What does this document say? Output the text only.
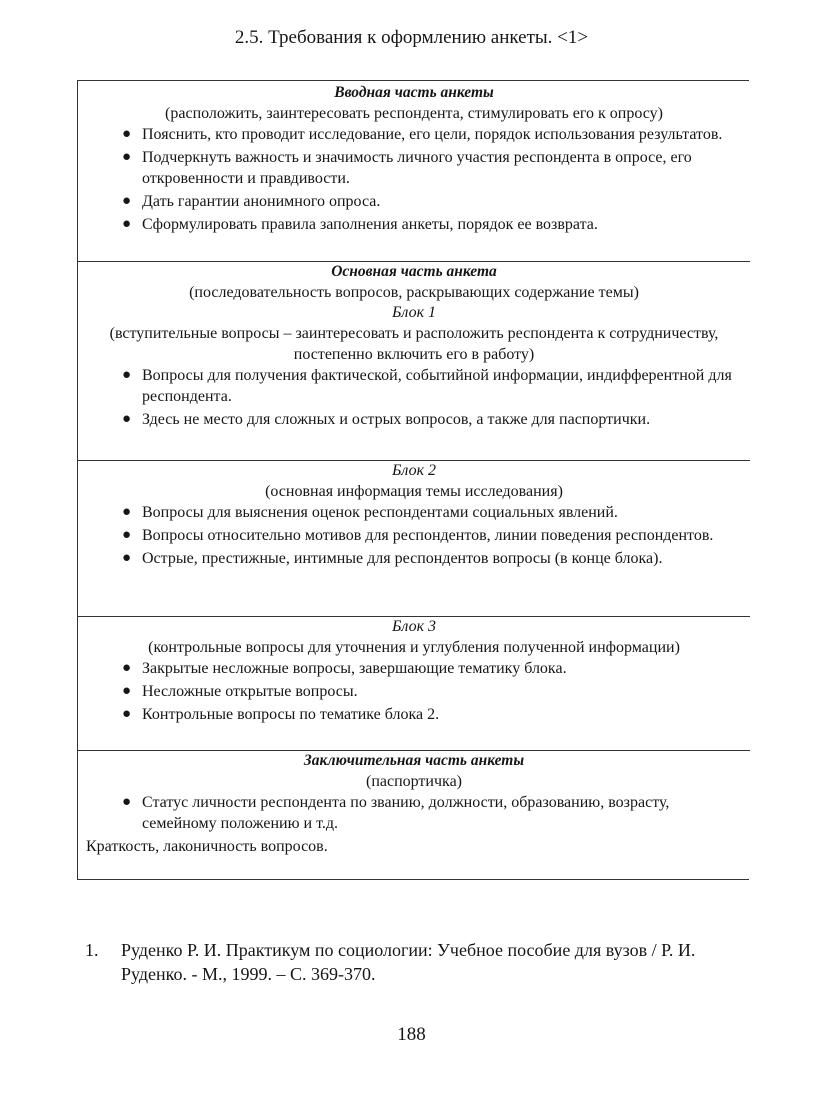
2.5. Требования к оформлению анкеты. <1>
Вводная часть анкеты
(расположить, заинтересовать респондента, стимулировать его к опросу)
● Пояснить, кто проводит исследование, его цели, порядок использования результатов.
● Подчеркнуть важность и значимость личного участия респондента в опросе, его откровенности и правдивости.
● Дать гарантии анонимного опроса.
● Сформулировать правила заполнения анкеты, порядок ее возврата.
Основная часть анкета
(последовательность вопросов, раскрывающих содержание темы)
Блок 1
(вступительные вопросы – заинтересовать и расположить респондента к сотрудничеству, постепенно включить его в работу)
● Вопросы для получения фактической, событийной информации, индифферентной для респондента.
● Здесь не место для сложных и острых вопросов, а также для паспортички.
Блок 2
(основная информация темы исследования)
● Вопросы для выяснения оценок респондентами социальных явлений.
● Вопросы относительно мотивов для респондентов, линии поведения респондентов.
● Острые, престижные, интимные для респондентов вопросы (в конце блока).
Блок 3
(контрольные вопросы для уточнения и углубления полученной информации)
● Закрытые несложные вопросы, завершающие тематику блока.
● Несложные открытые вопросы.
● Контрольные вопросы по тематике блока 2.
Заключительная часть анкеты
(паспортичка)
● Статус личности респондента по званию, должности, образованию, возрасту, семейному положению и т.д.
Краткость, лаконичность вопросов.
1. Руденко Р. И. Практикум по социологии: Учебное пособие для вузов / Р. И. Руденко. - М., 1999. – С. 369-370.
188
